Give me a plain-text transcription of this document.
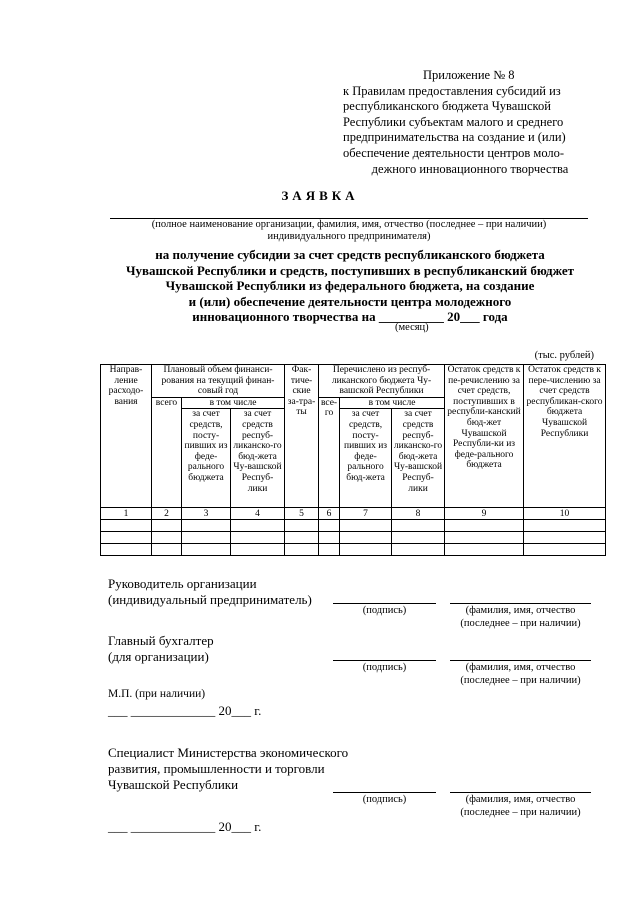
Приложение № 8
к Правилам предоставления субсидий из
республиканского бюджета Чувашской
Республики субъектам малого и среднего
предпринимательства на создание и (или)
обеспечение деятельности центров моло-
дежного инновационного творчества
ЗАЯВКА
(полное наименование организации, фамилия, имя, отчество (последнее – при наличии)
индивидуального предпринимателя)
на получение субсидии за счет средств республиканского бюджета
Чувашской Республики и средств, поступивших в республиканский бюджет
Чувашской Республики из федерального бюджета, на создание
и (или) обеспечение деятельности центра молодежного
инновационного творчества на __________ 20___ года
(месяц)
(тыс. рублей)
Направ-ление расходо-вания	Плановый объем финанси-рования на текущий финан-совый год			Фак-тиче-ские за-тра-ты	Перечислено из респуб-ликанского бюджета Чу-вашской Республики			Остаток средств к пе-речислению за счет средств, поступивших в республи-канский бюд-жет Чувашской Республи-ки из феде-рального бюджета	Остаток средств к пере-числению за счет средств республикан-ского бюджета Чувашской Республики
	всего	в том числе			все-го	в том числе			
		за счет средств, посту-пивших из феде-рального бюджета	за счет средств респуб-ликанско-го бюд-жета Чу-вашской Респуб-лики			за счет средств, посту-пивших из феде-рального бюд-жета	за счет средств респуб-ликанско-го бюд-жета Чу-вашской Респуб-лики		
1	2	3	4	5	6	7	8	9	10

Руководитель организации
(индивидуальный предприниматель)
(подпись)	(фамилия, имя, отчество
(последнее – при наличии)
Главный бухгалтер
(для организации)
(подпись)	(фамилия, имя, отчество
(последнее – при наличии)
М.П. (при наличии)
___ _____________ 20___ г.
Специалист Министерства экономического
развития, промышленности и торговли
Чувашской Республики
(подпись)	(фамилия, имя, отчество
(последнее – при наличии)
___ _____________ 20___ г.
